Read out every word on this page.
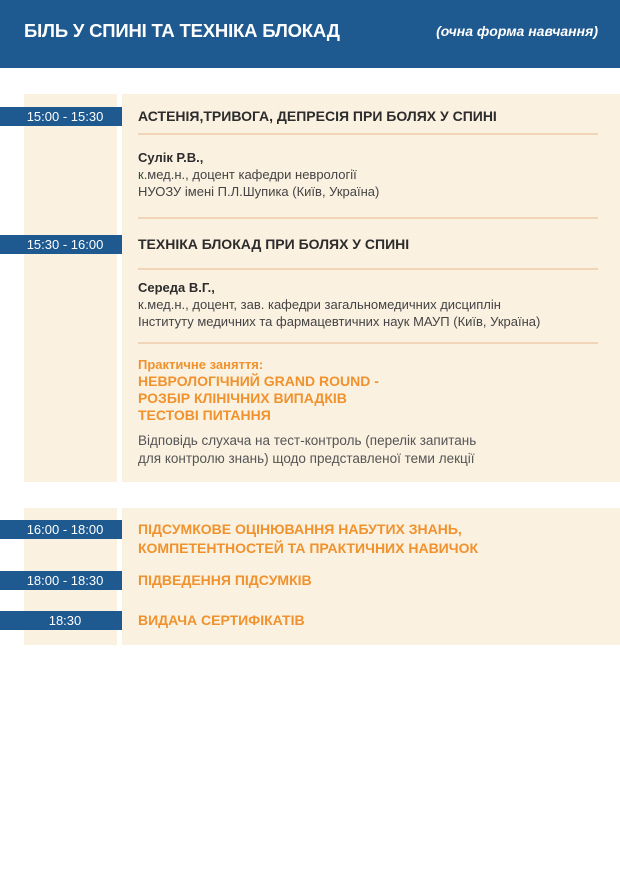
БІЛЬ У СПИНІ ТА ТЕХНІКА БЛОКАД	(очна форма навчання)
15:00 - 15:30	АСТЕНІЯ,ТРИВОГА, ДЕПРЕСІЯ ПРИ БОЛЯХ У СПИНІ
Сулік Р.В.,
к.мед.н., доцент кафедри неврології
НУОЗУ імені П.Л.Шупика (Київ, Україна)
15:30 - 16:00	ТЕХНІКА БЛОКАД ПРИ БОЛЯХ У СПИНІ
Середа В.Г.,
к.мед.н., доцент, зав. кафедри загальномедичних дисциплін
Інституту медичних та фармацевтичних наук МАУП (Київ, Україна)
Практичне заняття:
НЕВРОЛОГІЧНИЙ GRAND ROUND -
РОЗБІР КЛІНІЧНИХ ВИПАДКІВ
ТЕСТОВІ ПИТАННЯ
Відповідь слухача на тест-контроль (перелік запитань
для контролю знань) щодо представленої теми лекції
16:00 - 18:00	ПІДСУМКОВЕ ОЦІНЮВАННЯ НАБУТИХ ЗНАНЬ,
КОМПЕТЕНТНОСТЕЙ ТА ПРАКТИЧНИХ НАВИЧОК
18:00 - 18:30	ПІДВЕДЕННЯ ПІДСУМКІВ
18:30	ВИДАЧА СЕРТИФІКАТІВ
